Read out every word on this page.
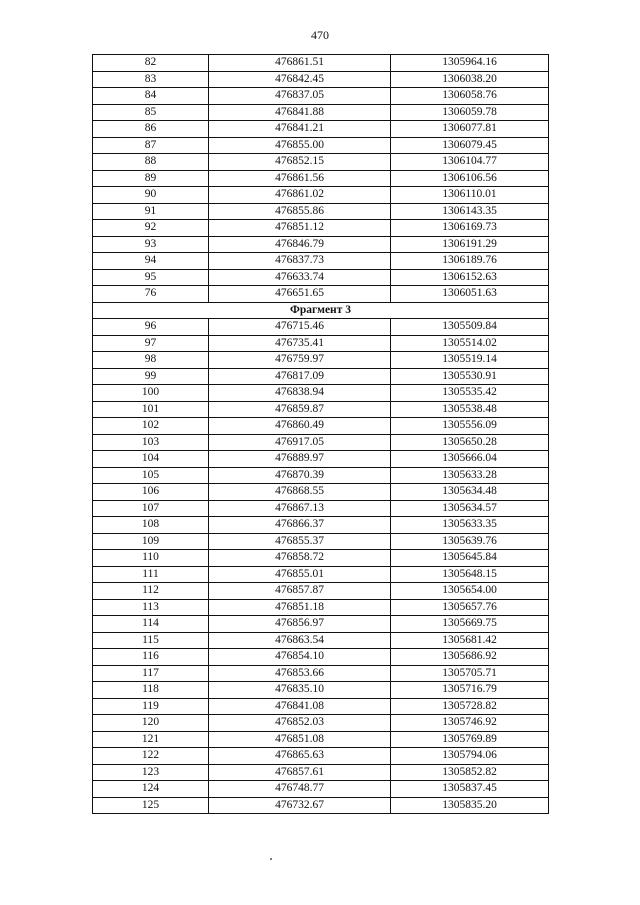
470
82	476861.51	1305964.16
83	476842.45	1306038.20
84	476837.05	1306058.76
85	476841.88	1306059.78
86	476841.21	1306077.81
87	476855.00	1306079.45
88	476852.15	1306104.77
89	476861.56	1306106.56
90	476861.02	1306110.01
91	476855.86	1306143.35
92	476851.12	1306169.73
93	476846.79	1306191.29
94	476837.73	1306189.76
95	476633.74	1306152.63
76	476651.65	1306051.63
Фрагмент 3		
96	476715.46	1305509.84
97	476735.41	1305514.02
98	476759.97	1305519.14
99	476817.09	1305530.91
100	476838.94	1305535.42
101	476859.87	1305538.48
102	476860.49	1305556.09
103	476917.05	1305650.28
104	476889.97	1305666.04
105	476870.39	1305633.28
106	476868.55	1305634.48
107	476867.13	1305634.57
108	476866.37	1305633.35
109	476855.37	1305639.76
110	476858.72	1305645.84
111	476855.01	1305648.15
112	476857.87	1305654.00
113	476851.18	1305657.76
114	476856.97	1305669.75
115	476863.54	1305681.42
116	476854.10	1305686.92
117	476853.66	1305705.71
118	476835.10	1305716.79
119	476841.08	1305728.82
120	476852.03	1305746.92
121	476851.08	1305769.89
122	476865.63	1305794.06
123	476857.61	1305852.82
124	476748.77	1305837.45
125	476732.67	1305835.20
